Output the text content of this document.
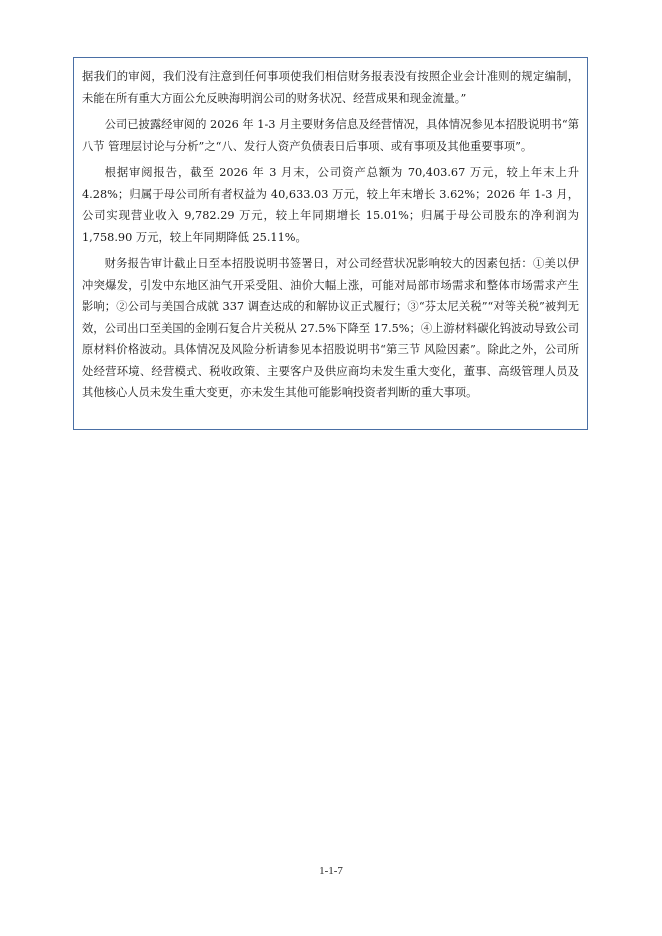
据我们的审阅，我们没有注意到任何事项使我们相信财务报表没有按照企业会计准则的规定编制，未能在所有重大方面公允反映海明润公司的财务状况、经营成果和现金流量。”

公司已披露经审阅的 2026 年 1-3 月主要财务信息及经营情况，具体情况参见本招股说明书“第八节 管理层讨论与分析”之“八、发行人资产负债表日后事项、或有事项及其他重要事项”。

根据审阅报告，截至 2026 年 3 月末，公司资产总额为 70,403.67 万元，较上年末上升 4.28%；归属于母公司所有者权益为 40,633.03 万元，较上年末增长 3.62%；2026 年 1-3 月，公司实现营业收入 9,782.29 万元，较上年同期增长 15.01%；归属于母公司股东的净利润为 1,758.90 万元，较上年同期降低 25.11%。

财务报告审计截止日至本招股说明书签署日，对公司经营状况影响较大的因素包括：①美以伊冲突爆发，引发中东地区油气开采受阻、油价大幅上涨，可能对局部市场需求和整体市场需求产生影响；②公司与美国合成就 337 调查达成的和解协议正式履行；③“芬太尼关税”“对等关税”被判无效，公司出口至美国的金刚石复合片关税从 27.5%下降至 17.5%；④上游材料碳化钨波动导致公司原材料价格波动。具体情况及风险分析请参见本招股说明书“第三节 风险因素”。除此之外，公司所处经营环境、经营模式、税收政策、主要客户及供应商均未发生重大变化，董事、高级管理人员及其他核心人员未发生重大变更，亦未发生其他可能影响投资者判断的重大事项。

1-1-7
